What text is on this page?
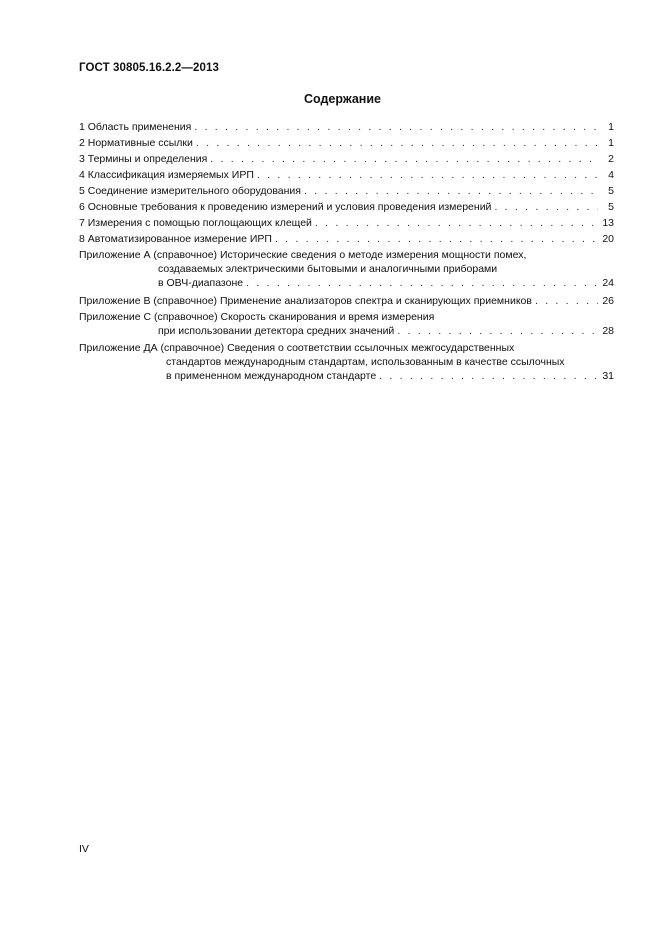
ГОСТ 30805.16.2.2—2013
Содержание
1 Область применения . . .	1
2 Нормативные ссылки . . .	1
3 Термины и определения . . .	2
4 Классификация измеряемых ИРП . . .	4
5 Соединение измерительного оборудования . . .	5
6 Основные требования к проведению измерений и условия проведения измерений . . .	5
7 Измерения с помощью поглощающих клещей . . .	13
8 Автоматизированное измерение ИРП . . .	20
Приложение А (справочное) Исторические сведения о методе измерения мощности помех,
создаваемых электрическими бытовыми и аналогичными приборами
в ОВЧ-диапазоне . . .	24
Приложение В (справочное) Применение анализаторов спектра и сканирующих приемников . . .	26
Приложение С (справочное) Скорость сканирования и время измерения
при использовании детектора средних значений . . .	28
Приложение ДА (справочное) Сведения о соответствии ссылочных межгосударственных
стандартов международным стандартам, использованным в качестве ссылочных
в примененном международном стандарте . . .	31
IV
